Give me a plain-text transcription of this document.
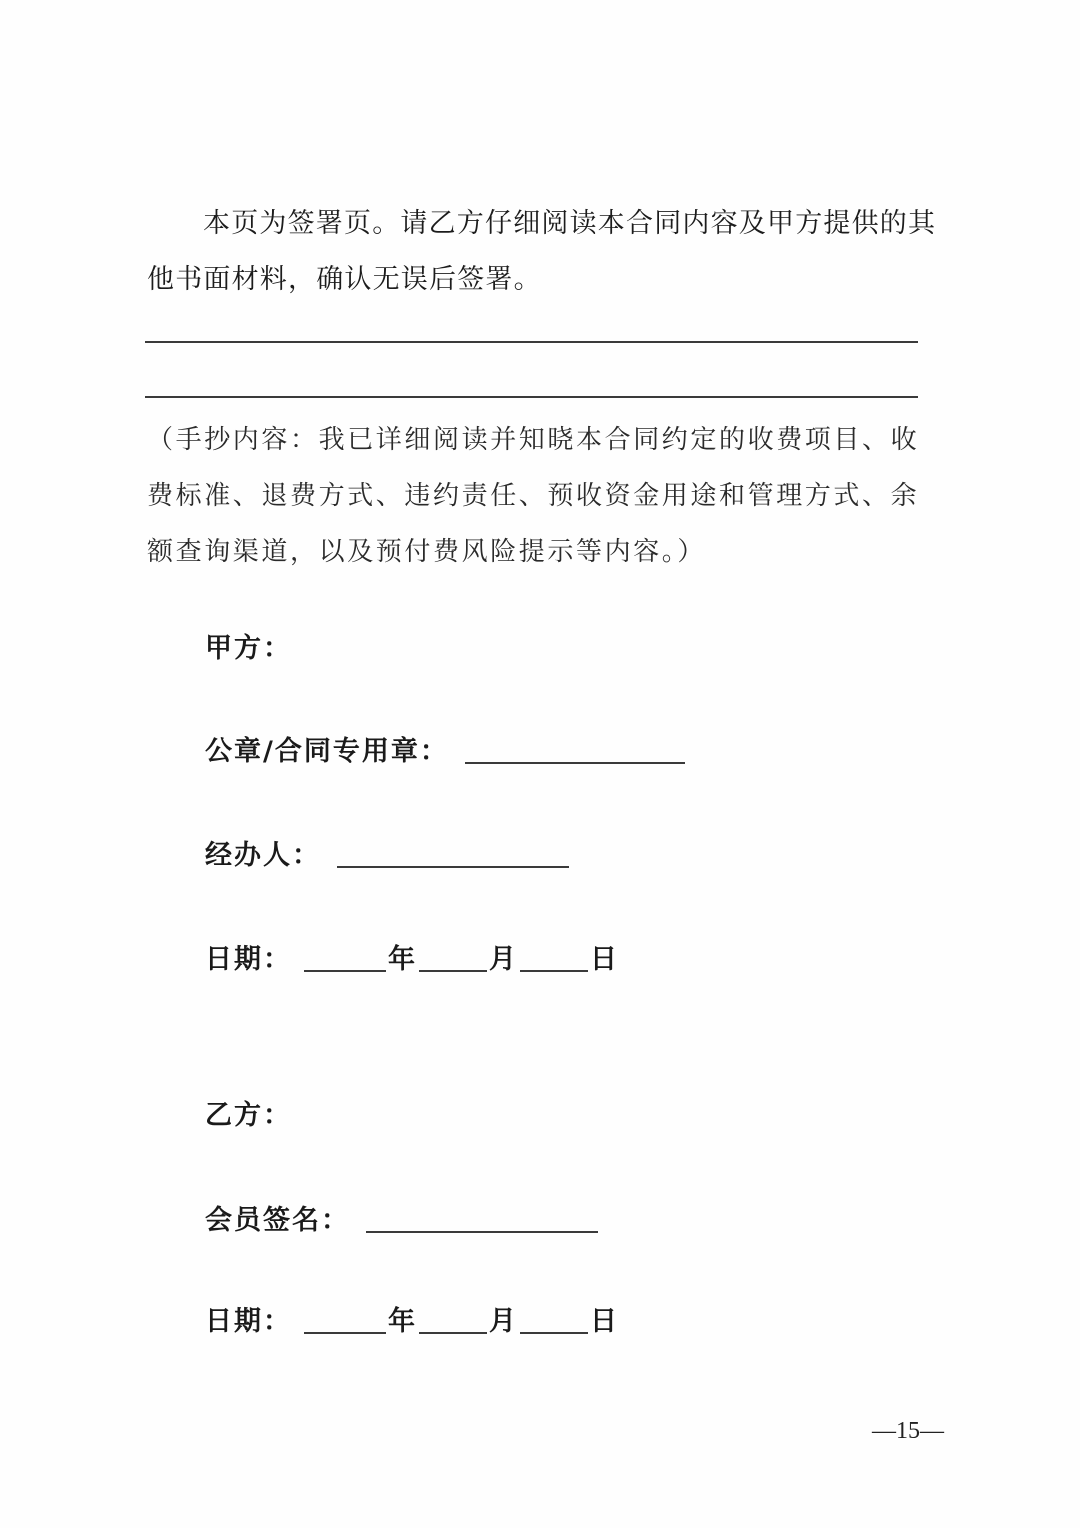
本页为签署页。请乙方仔细阅读本合同内容及甲方提供的其他书面材料，确认无误后签署。

（手抄内容：我已详细阅读并知晓本合同约定的收费项目、收费标准、退费方式、违约责任、预收资金用途和管理方式、余额查询渠道，以及预付费风险提示等内容。）

甲方：
公章/合同专用章：
经办人：
日期：	年	月	日
乙方：
会员签名：
日期：	年	月	日
—15—
